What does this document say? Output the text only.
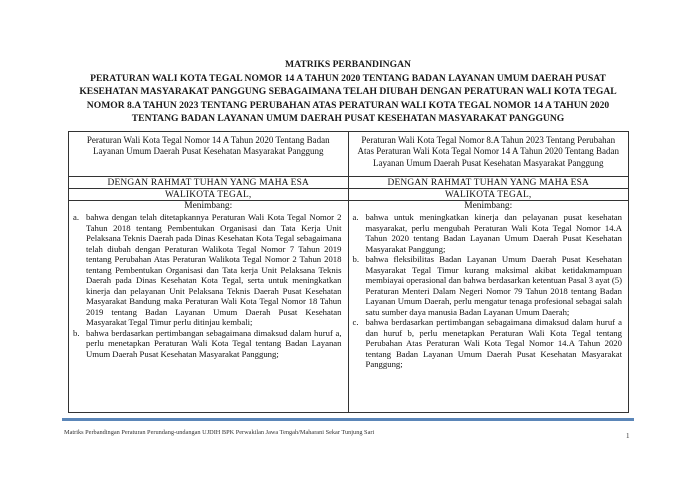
MATRIKS PERBANDINGAN
PERATURAN WALI KOTA TEGAL NOMOR 14 A TAHUN 2020 TENTANG BADAN LAYANAN UMUM DAERAH PUSAT
KESEHATAN MASYARAKAT PANGGUNG SEBAGAIMANA TELAH DIUBAH DENGAN PERATURAN WALI KOTA TEGAL
NOMOR 8.A TAHUN 2023 TENTANG PERUBAHAN ATAS PERATURAN WALI KOTA TEGAL NOMOR 14 A TAHUN 2020
TENTANG BADAN LAYANAN UMUM DAERAH PUSAT KESEHATAN MASYARAKAT PANGGUNG
Peraturan Wali Kota Tegal Nomor 14 A Tahun 2020 Tentang Badan Layanan Umum Daerah Pusat Kesehatan Masyarakat Panggung
DENGAN RAHMAT TUHAN YANG MAHA ESA
WALIKOTA TEGAL,
Menimbang:
a. bahwa dengan telah ditetapkannya Peraturan Wali Kota Tegal Nomor 2 Tahun 2018 tentang Pembentukan Organisasi dan Tata Kerja Unit Pelaksana Teknis Daerah pada Dinas Kesehatan Kota Tegal sebagaimana telah diubah dengan Peraturan Walikota Tegal Nomor 7 Tahun 2019 tentang Perubahan Atas Peraturan Walikota Tegal Nomor 2 Tahun 2018 tentang Pembentukan Organisasi dan Tata kerja Unit Pelaksana Teknis Daerah pada Dinas Kesehatan Kota Tegal, serta untuk meningkatkan kinerja dan pelayanan Unit Pelaksana Teknis Daerah Pusat Kesehatan Masyarakat Bandung maka Peraturan Wali Kota Tegal Nomor 18 Tahun 2019 tentang Badan Layanan Umum Daerah Pusat Kesehatan Masyarakat Tegal Timur perlu ditinjau kembali;
b. bahwa berdasarkan pertimbangan sebagaimana dimaksud dalam huruf a, perlu menetapkan Peraturan Wali Kota Tegal tentang Badan Layanan Umum Daerah Pusat Kesehatan Masyarakat Panggung;
Peraturan Wali Kota Tegal Nomor 8.A Tahun 2023 Tentang Perubahan Atas Peraturan Wali Kota Tegal Nomor 14 A Tahun 2020 Tentang Badan Layanan Umum Daerah Pusat Kesehatan Masyarakat Panggung
DENGAN RAHMAT TUHAN YANG MAHA ESA
WALIKOTA TEGAL,
Menimbang:
a. bahwa untuk meningkatkan kinerja dan pelayanan pusat kesehatan masyarakat, perlu mengubah Peraturan Wali Kota Tegal Nomor 14.A Tahun 2020 tentang Badan Layanan Umum Daerah Pusat Kesehatan Masyarakat Panggung;
b. bahwa fleksibilitas Badan Layanan Umum Daerah Pusat Kesehatan Masyarakat Tegal Timur kurang maksimal akibat ketidakmampuan membiayai operasional dan bahwa berdasarkan ketentuan Pasal 3 ayat (5) Peraturan Menteri Dalam Negeri Nomor 79 Tahun 2018 tentang Badan Layanan Umum Daerah, perlu mengatur tenaga profesional sebagai salah satu sumber daya manusia Badan Layanan Umum Daerah;
c. bahwa berdasarkan pertimbangan sebagaimana dimaksud dalam huruf a dan huruf b, perlu menetapkan Peraturan Wali Kota Tegal tentang Perubahan Atas Peraturan Wali Kota Tegal Nomor 14.A Tahun 2020 tentang Badan Layanan Umum Daerah Pusat Kesehatan Masyarakat Panggung;
Matriks Perbandingan Peraturan Perundang-undangan UJDIH BPK Perwakilan Jawa Tengah/Maharani Sekar Tunjung Sari	1
